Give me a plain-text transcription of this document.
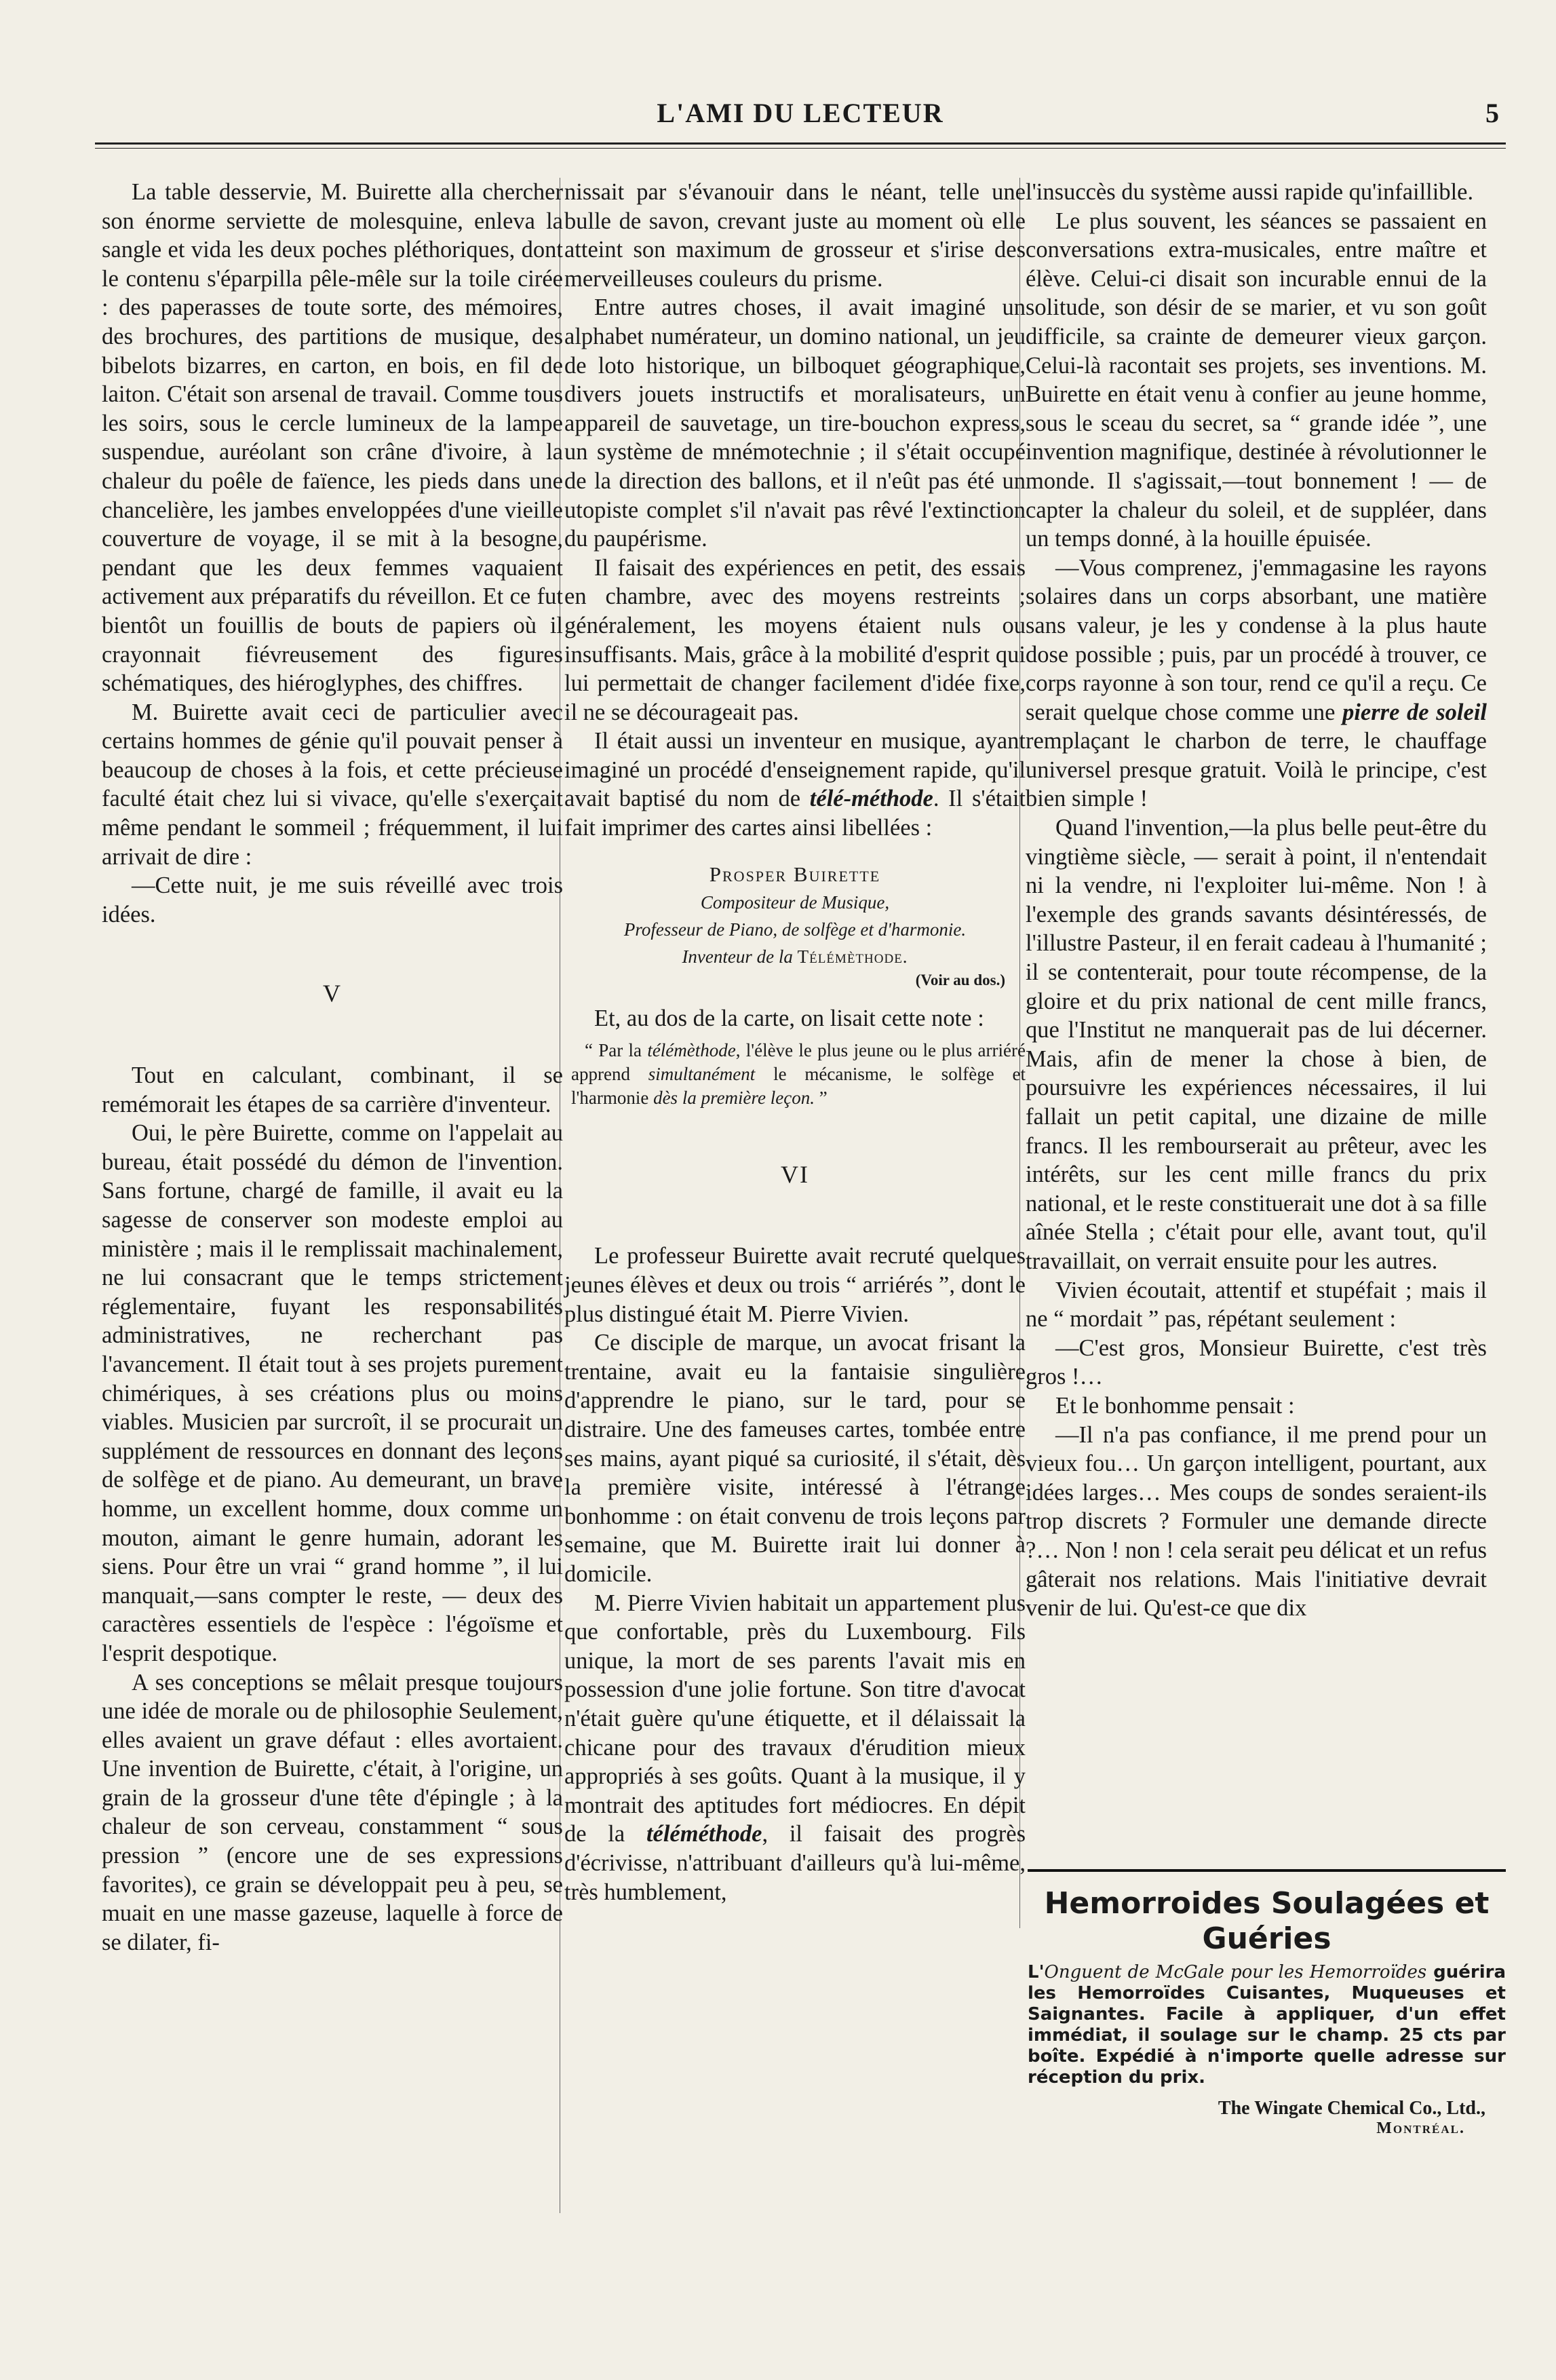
L'AMI DU LECTEUR	5

La table desservie, M. Buirette alla chercher son énorme serviette de molesquine, enleva la sangle et vida les deux poches pléthoriques, dont le contenu s'éparpilla pêle-mêle sur la toile cirée : des paperasses de toute sorte, des mémoires, des brochures, des partitions de musique, des bibelots bizarres, en carton, en bois, en fil de laiton. C'était son arsenal de travail. Comme tous les soirs, sous le cercle lumineux de la lampe suspendue, auréolant son crâne d'ivoire, à la chaleur du poêle de faïence, les pieds dans une chancelière, les jambes enveloppées d'une vieille couverture de voyage, il se mit à la besogne, pendant que les deux femmes vaquaient activement aux préparatifs du réveillon. Et ce fut bientôt un fouillis de bouts de papiers où il crayonnait fiévreusement des figures schématiques, des hiéroglyphes, des chiffres.

M. Buirette avait ceci de particulier avec certains hommes de génie qu'il pouvait penser à beaucoup de choses à la fois, et cette précieuse faculté était chez lui si vivace, qu'elle s'exerçait même pendant le sommeil ; fréquemment, il lui arrivait de dire :

—Cette nuit, je me suis réveillé avec trois idées.

V

Tout en calculant, combinant, il se remémorait les étapes de sa carrière d'inventeur.

Oui, le père Buirette, comme on l'appelait au bureau, était possédé du démon de l'invention. Sans fortune, chargé de famille, il avait eu la sagesse de conserver son modeste emploi au ministère ; mais il le remplissait machinalement, ne lui consacrant que le temps strictement réglementaire, fuyant les responsabilités administratives, ne recherchant pas l'avancement. Il était tout à ses projets purement chimériques, à ses créations plus ou moins viables. Musicien par surcroît, il se procurait un supplément de ressources en donnant des leçons de solfège et de piano. Au demeurant, un brave homme, un excellent homme, doux comme un mouton, aimant le genre humain, adorant les siens. Pour être un vrai “ grand homme ”, il lui manquait,—sans compter le reste, — deux des caractères essentiels de l'espèce : l'égoïsme et l'esprit despotique.

A ses conceptions se mêlait presque toujours une idée de morale ou de philosophie Seulement, elles avaient un grave défaut : elles avortaient. Une invention de Buirette, c'était, à l'origine, un grain de la grosseur d'une tête d'épingle ; à la chaleur de son cerveau, constamment “ sous pression ” (encore une de ses expressions favorites), ce grain se développait peu à peu, se muait en une masse gazeuse, laquelle à force de se dilater, fi-

nissait par s'évanouir dans le néant, telle une bulle de savon, crevant juste au moment où elle atteint son maximum de grosseur et s'irise des merveilleuses couleurs du prisme.

Entre autres choses, il avait imaginé un alphabet numérateur, un domino national, un jeu de loto historique, un bilboquet géographique, divers jouets instructifs et moralisateurs, un appareil de sauvetage, un tire-bouchon express, un système de mnémotechnie ; il s'était occupé de la direction des ballons, et il n'eût pas été un utopiste complet s'il n'avait pas rêvé l'extinction du paupérisme.

Il faisait des expériences en petit, des essais en chambre, avec des moyens restreints ; généralement, les moyens étaient nuls ou insuffisants. Mais, grâce à la mobilité d'esprit qui lui permettait de changer facilement d'idée fixe, il ne se décourageait pas.

Il était aussi un inventeur en musique, ayant imaginé un procédé d'enseignement rapide, qu'il avait baptisé du nom de télé-méthode. Il s'était fait imprimer des cartes ainsi libellées :

Prosper Buirette
Compositeur de Musique,
Professeur de Piano, de solfège et d'harmonie.
Inventeur de la Télémèthode.
(Voir au dos.)

Et, au dos de la carte, on lisait cette note :

“ Par la télémèthode, l'élève le plus jeune ou le plus arriéré apprend simultanément le mécanisme, le solfège et l'harmonie dès la première leçon. ”
VI

Le professeur Buirette avait recruté quelques jeunes élèves et deux ou trois “ arriérés ”, dont le plus distingué était M. Pierre Vivien.

Ce disciple de marque, un avocat frisant la trentaine, avait eu la fantaisie singulière d'apprendre le piano, sur le tard, pour se distraire. Une des fameuses cartes, tombée entre ses mains, ayant piqué sa curiosité, il s'était, dès la première visite, intéressé à l'étrange bonhomme : on était convenu de trois leçons par semaine, que M. Buirette irait lui donner à domicile.

M. Pierre Vivien habitait un appartement plus que confortable, près du Luxembourg. Fils unique, la mort de ses parents l'avait mis en possession d'une jolie fortune. Son titre d'avocat n'était guère qu'une étiquette, et il délaissait la chicane pour des travaux d'érudition mieux appropriés à ses goûts. Quant à la musique, il y montrait des aptitudes fort médiocres. En dépit de la téléméthode, il faisait des progrès d'écrivisse, n'attribuant d'ailleurs qu'à lui-même, très humblement,

l'insuccès du système aussi rapide qu'infaillible.

Le plus souvent, les séances se passaient en conversations extra-musicales, entre maître et élève. Celui-ci disait son incurable ennui de la solitude, son désir de se marier, et vu son goût difficile, sa crainte de demeurer vieux garçon. Celui-là racontait ses projets, ses inventions. M. Buirette en était venu à confier au jeune homme, sous le sceau du secret, sa “ grande idée ”, une invention magnifique, destinée à révolutionner le monde. Il s'agissait,—tout bonnement ! — de capter la chaleur du soleil, et de suppléer, dans un temps donné, à la houille épuisée.

—Vous comprenez, j'emmagasine les rayons solaires dans un corps absorbant, une matière sans valeur, je les y condense à la plus haute dose possible ; puis, par un procédé à trouver, ce corps rayonne à son tour, rend ce qu'il a reçu. Ce serait quelque chose comme une pierre de soleil remplaçant le charbon de terre, le chauffage universel presque gratuit. Voilà le principe, c'est bien simple !

Quand l'invention,—la plus belle peut-être du vingtième siècle, — serait à point, il n'entendait ni la vendre, ni l'exploiter lui-même. Non ! à l'exemple des grands savants désintéressés, de l'illustre Pasteur, il en ferait cadeau à l'humanité ; il se contenterait, pour toute récompense, de la gloire et du prix national de cent mille francs, que l'Institut ne manquerait pas de lui décerner. Mais, afin de mener la chose à bien, de poursuivre les expériences nécessaires, il lui fallait un petit capital, une dizaine de mille francs. Il les rembourserait au prêteur, avec les intérêts, sur les cent mille francs du prix national, et le reste constituerait une dot à sa fille aînée Stella ; c'était pour elle, avant tout, qu'il travaillait, on verrait ensuite pour les autres.

Vivien écoutait, attentif et stupéfait ; mais il ne “ mordait ” pas, répétant seulement :

—C'est gros, Monsieur Buirette, c'est très gros !…

Et le bonhomme pensait :

—Il n'a pas confiance, il me prend pour un vieux fou… Un garçon intelligent, pourtant, aux idées larges… Mes coups de sondes seraient-ils trop discrets ? Formuler une demande directe ?… Non ! non ! cela serait peu délicat et un refus gâterait nos relations. Mais l'initiative devrait venir de lui. Qu'est-ce que dix

Hemorroides Soulagées et Guéries
L'Onguent de McGale pour les Hemorroïdes guérira les Hemorroïdes Cuisantes, Muqueuses et Saignantes. Facile à appliquer, d'un effet immédiat, il soulage sur le champ. 25 cts par boîte. Expédié à n'importe quelle adresse sur réception du prix.
The Wingate Chemical Co., Ltd.,
Montréal.
